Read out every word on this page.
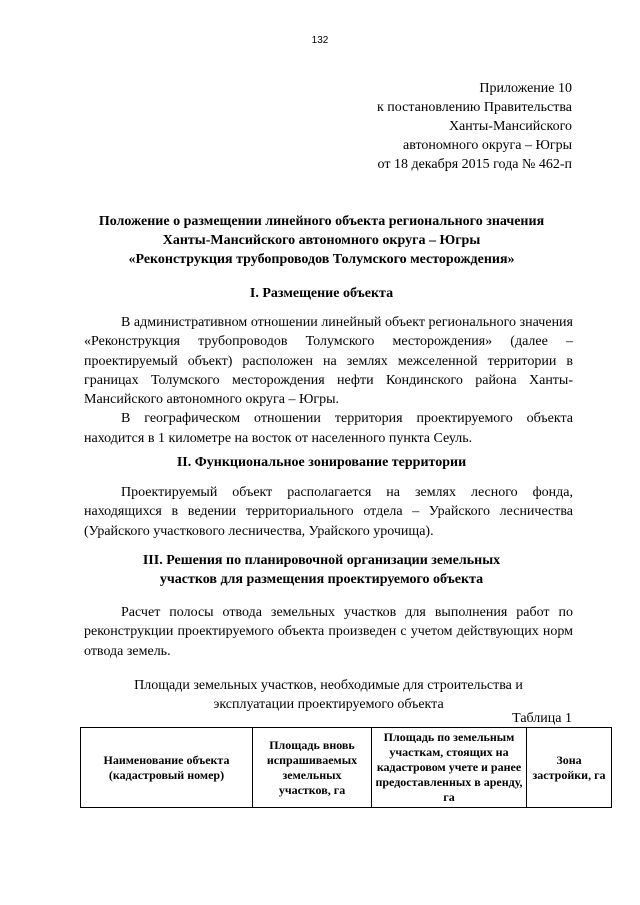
132
Приложение 10
к постановлению Правительства
Ханты-Мансийского
автономного округа – Югры
от 18 декабря 2015 года № 462-п
Положение о размещении линейного объекта регионального значения
Ханты-Мансийского автономного округа – Югры
«Реконструкция трубопроводов Толумского месторождения»
I. Размещение объекта

В административном отношении линейный объект регионального значения «Реконструкция трубопроводов Толумского месторождения» (далее – проектируемый объект) расположен на землях межселенной территории в границах Толумского месторождения нефти Кондинского района Ханты-Мансийского автономного округа – Югры.

В географическом отношении территория проектируемого объекта находится в 1 километре на восток от населенного пункта Сеуль.

II. Функциональное зонирование территории

Проектируемый объект располагается на землях лесного фонда, находящихся в ведении территориального отдела – Урайского лесничества (Урайского участкового лесничества, Урайского урочища).

III. Решения по планировочной организации земельных
участков для размещения проектируемого объекта

Расчет полосы отвода земельных участков для выполнения работ по реконструкции проектируемого объекта произведен с учетом действующих норм отвода земель.

Площади земельных участков, необходимые для строительства и
эксплуатации проектируемого объекта
Таблица 1
Наименование объекта (кадастровый номер)	Площадь вновь испрашиваемых земельных участков, га	Площадь по земельным участкам, стоящих на кадастровом учете и ранее предоставленных в аренду, га	Зона застройки, га
